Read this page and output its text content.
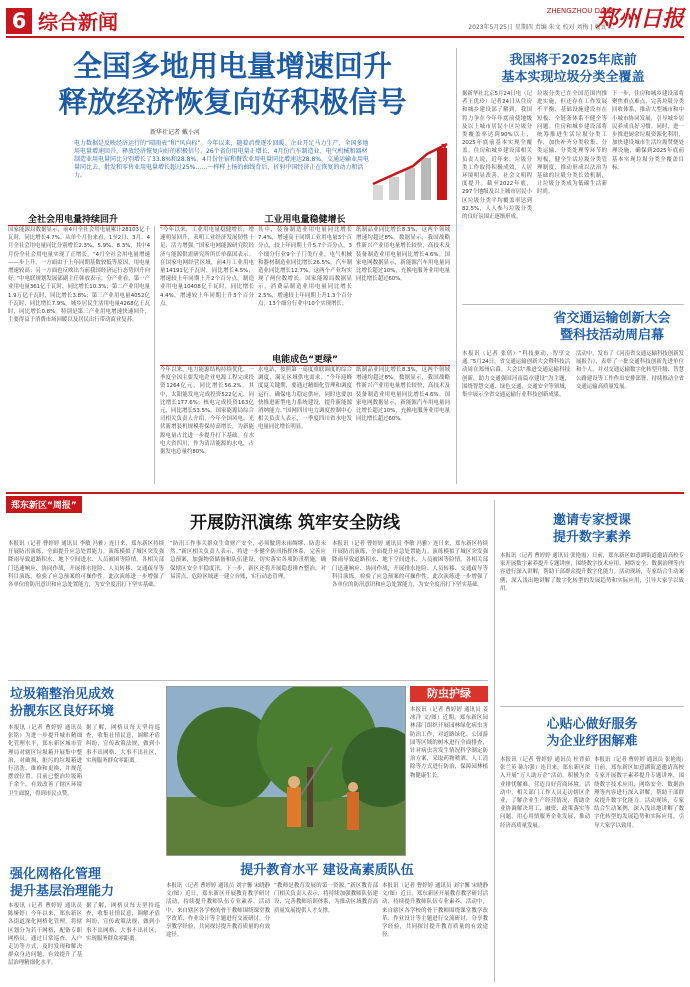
6 综合新闻	ZHENGZHOU DAILY
2023年5月25日 星期四 责编 朱文 校对 刘梅 | 版式 ...
郑州日报
全国多地用电量增速回升
释放经济恢复向好积极信号
新华社记者 戴小河
电力数据是反映经济运行的“晴雨表”和“风向标”。今年以来，随着消费逐步回暖、企业开足马力生产，全国多地用电量增速回升，释放经济恢复向好的积极信号。26个省份用电量正增长，4月份汽车制造业、电气机械和器材制造业用电量同比分别增长了33.8%和28.8%，4月份住宿和餐饮业用电量同比增速达28.8%，交通运输业用电量同比去、批发和零售业用电量增长超过25%……一样样上扬的曲线背后，折射中国经济正在恢复的动力和活力。
全社会用电量持续回升	工业用电量稳健增长
国家能源局数据显示，前4月全社会用电量累计28103亿千瓦时，同比增长4.7%。从单个月份来看，1至2月、3月、4月全社会用电量同比分别增长2.3%、5.9%、8.3%，其中4月份全社会用电量实现了正增长。“4月全社会用电量增速——步上升，一方面由于上年同期基数较低等原因，用电量增速较高；另一方面也反映出当前我国经济运行态势回升向好。”中电联规划发展部副主任韩放表示。分产业看，第一产业用电量361亿千瓦时，同比增长10.3%；第二产业用电量1.9万亿千瓦时，同比增长3.8%；第三产业用电量4052亿千瓦时，同比增长7.9%。城乡居民生活用电量4268亿千瓦时，同比增长0.8%。特别是第三产业用电增速快速回升，主要得益于消费市场回暖以及居民出行带动商业复苏。
“今年以来，工业用电量稳健增长，增速明显回升，表明工业经济发展韧性十足、活力增强。”国家电网能源研究院经济与能源供需研究所所长单葆国表示。在国家电网经营区域，前4月工业用电量14191亿千瓦时，同比增长4.5%，增速较上年同期上升2个百分点。制造业用电量10408亿千瓦时，同比增长4.4%，增速较上年同期上升3个百分点。
其中，装备制造业用电量同比增长7.4%，增速高于同期工业用电量3个百分点，较上年同期上升5.7个百分点，3个细分行业9个子门类行业，电气机械和器材制造业同比增长26.5%，汽车制造业同比增长12.7%，这两个产业均实现了两位数增长。国家能源局数据显示，消费品制造业用电量同比增长2.5%，增速较上年同期上升1.3个百分点，13个细分行业中10个实现增长。
纸制品业同比增长8.3%，这两个领域增速均超过8%。数据显示，我国战略性新兴产业用电量增长较快，高技术及装备制造业用电量同比增长4.6%。国家电网数据显示，新能源汽车用电量同比增长超过10%，充换电服务业用电量同比增长超过60%。
电能成色“更绿”
今年以来，电力能源结构持续优化，一季度全国主要发电企业电源工程完成投资1264亿元，同比增长56.2%。其中，太阳能发电完成投资522亿元，同比增长177.6%；核电完成投资163亿元，同比增长53.5%。国家能源局综合司相关负责人介绍，今年全国风电、光伏新增装机规模将保持高增长，为新能源电量占比进一步提升打下基础。在水电大省四川，作为清洁能源的水电，占据发电总量约80%。
水电站，按照第一高度重联调度的综合调度，满足区域供电需求。“今年迎峰度夏关键期，要通过精细化管理和调度运行，确保电力稳定供应，同时也要加快推进新型电力系统建设，提升新能源消纳能力。”国网四川电力调度控制中心相关负责人表示，一季度四川省水电发电量同比增长明显。
纸制品业同比增长8.3%，这两个领域增速均超过8%。数据显示，我国战略性新兴产业用电量增长较快，高技术及装备制造业用电量同比增长4.6%。国家电网数据显示，新能源汽车用电量同比增长超过10%，充换电服务业用电量同比增长超过60%。
我国将于2025年底前
基本实现垃圾分类全覆盖
据新华社北京5月24日电（记者王优玲）记者24日从住房和城乡建设部了解到，我国将力争在今年年底前使地级及以上城市居民小区垃圾分类覆盖率达到90%以上，2025年底前基本实现全覆盖。住房和城乡建设部相关负责人说，近年来，垃圾分类工作取得积极成效，人居环境明显改善，社会文明程度提升。截至2022年底，297个地级及以上城市居民小区垃圾分类平均覆盖率达到82.5%，人人参与垃圾分类的良好氛围正逐渐形成。
垃圾分类已在全国范围内推进实施，但还存在工作发展不平衡、基础设施建设存在短板、全链条体系不健全等问题。住房和城乡建设部将统筹推进生活垃圾分类工作，加快补齐分类收集、分类运输、分类处理等环节的短板，健全生活垃圾分类管理制度，推动形成以法治为基础的垃圾分类长效机制，让垃圾分类成为低碳生活新时尚。
下一步，住房和城乡建设部将聚焦重点难点，完善垃圾分类回收体系，推动大型城市和中小城市协同发展，引导城乡居民养成良好习惯。同时，进一步推进厨余垃圾资源化利用，加快建设城市生活垃圾焚烧处理设施，确保到2025年底前基本实现垃圾分类全覆盖目标。
省交通运输创新大会
暨科技活动周启幕
本报讯（记者 张倩）“科技驱动，智享交通。”5月24日，省交通运输创新大会暨科技活动周在郑州启幕。大会以“推进交通运输科技创新，助力交通强国河南篇章建设”为主题，围绕智慧交通、绿色交通、交通安全等领域，集中展示全省交通运输行业科技创新成果。
活动中，发布了《河南省交通运输科技创新发展报告》，表彰了一批交通科技创新先进单位和个人，并对交通运输数字化转型升级、智慧公路建设等工作作出安排部署，持续推动全省交通运输高质量发展。
郑东新区“周报”
开展防汛演练 筑牢安全防线
本报讯（记者 曹婷婷 通讯员 李敏 冯雅）连日来，郑东新区持续开展防汛演练，全面提升应急处置能力。演练模拟了城区突发强降雨导致道路积水、地下空间进水、人员被困等险情，各相关部门迅速响应、协同作战，开展排水抢险、人员转移、交通疏导等科目演练，检验了应急预案的可操作性。此次演练进一步增强了各单位的防汛意识和应急处置能力，为安全度汛打下坚实基础。
“防汛工作事关群众生命财产安全，必须做到未雨绸缪、防患未然。”新区相关负责人表示，将进一步健全防汛指挥体系，完善应急预案，加强物资储备和队伍建设，切实落实各项防汛措施，确保辖区安全平稳度汛。下一步，新区还将开展隐患排查整治，对易涝点、危险区域逐一建立台账，实行动态管理。
本报讯（记者 曹婷婷 通讯员 李敏 冯雅）连日来，郑东新区持续开展防汛演练，全面提升应急处置能力。演练模拟了城区突发强降雨导致道路积水、地下空间进水、人员被困等险情，各相关部门迅速响应、协同作战，开展排水抢险、人员转移、交通疏导等科目演练，检验了应急预案的可操作性。此次演练进一步增强了各单位的防汛意识和应急处置能力，为安全度汛打下坚实基础。
邀请专家授课
提升数字素养
本报讯（记者 曹婷婷 通讯员 张艳霞）日前，郑东新区如意湖街道邀请高校专家开展数字素养提升专题讲座，围绕数字技术应用、网络安全、数据治理等内容进行深入讲解，帮助干部群众提升数字化能力。活动现场，专家结合生动案例，深入浅出地讲解了数字化转型的发展趋势和实际应用，引导大家学以致用。
垃圾箱整治见成效
扮靓东区良好环境
本报讯（记者 曹婷婷 通讯员 张铭）为进一步提升城市精细化管理水平，郑东新区城市管理局对辖区垃圾箱开展集中整治，对破损、脏污的垃圾箱进行清洗、维修和更换，并规范摆放位置。目前已整治垃圾箱千余个，有效改善了辖区环境卫生面貌，得到市民点赞。
据了解，网格员每天坚持巡查，收集社情民意，调解矛盾纠纷，宣传政策法规，做到小事不出网格、大事不出社区，实现服务群众零距离。
防虫护绿
本报讯（记者 曹婷婷 通讯员 姜冰洋 文/图）近期，郑东新区园林部门组织开展园林绿化病虫害防治工作，对道路绿化、公园游园等区域的树木进行全面排查，针对病虫害发生情况科学制定防治方案，采取药物喷洒、人工清除等方式进行防治，保障园林植物健康生长。
强化网格化管理
提升基层治理能力
本报讯（记者 曹婷婷 通讯员 陈娅婷）今年以来，郑东新区各街道深化网格化管理，将辖区划分为若干网格，配备专职网格员，通过日常巡查、入户走访等方式，及时发现和解决群众身边问题，有效提升了基层治理精细化水平。
据了解，网格员每天坚持巡查，收集社情民意，调解矛盾纠纷，宣传政策法规，做到小事不出网格、大事不出社区，实现服务群众零距离。
提升教育水平 建设高素质队伍
本报讯（记者 曹婷婷 通讯员 刘宇馨 宋晓静 文/图）近日，郑东新区开展教育教学研讨活动，持续提升教师队伍专业素养。活动中，来自辖区各学校的骨干教师围绕课堂教学改革、作业设计等主题进行交流研讨，分享教学经验，共同探讨提升教育质量的有效途径。
“教师是教育发展的第一资源。”新区教育部门相关负责人表示，将持续加强教师队伍建设，完善教师培训体系，为推动区域教育高质量发展提供人才支撑。
本报讯（记者 曹婷婷 通讯员 刘宇馨 宋晓静 文/图）近日，郑东新区开展教育教学研讨活动，持续提升教师队伍专业素养。活动中，来自辖区各学校的骨干教师围绕课堂教学改革、作业设计等主题进行交流研讨，分享教学经验，共同探讨提升教育质量的有效途径。
心贴心做好服务
为企业纾困解难
本报讯（记者 曹婷婷 通讯员 杜晋茹 张兰英 陈尔强）连日来，郑东新区深入开展“万人助万企”活动，积极为企业排忧解难，营造良好营商环境。活动中，相关部门工作人员走访辖区企业，了解企业生产经营情况，帮助企业协调解决用工、融资、政策落实等问题，用心用情服务企业发展，推动经济高质量发展。
本报讯（记者 曹婷婷 通讯员 张艳霞）日前，郑东新区如意湖街道邀请高校专家开展数字素养提升专题讲座，围绕数字技术应用、网络安全、数据治理等内容进行深入讲解，帮助干部群众提升数字化能力。活动现场，专家结合生动案例，深入浅出地讲解了数字化转型的发展趋势和实际应用，引导大家学以致用。
